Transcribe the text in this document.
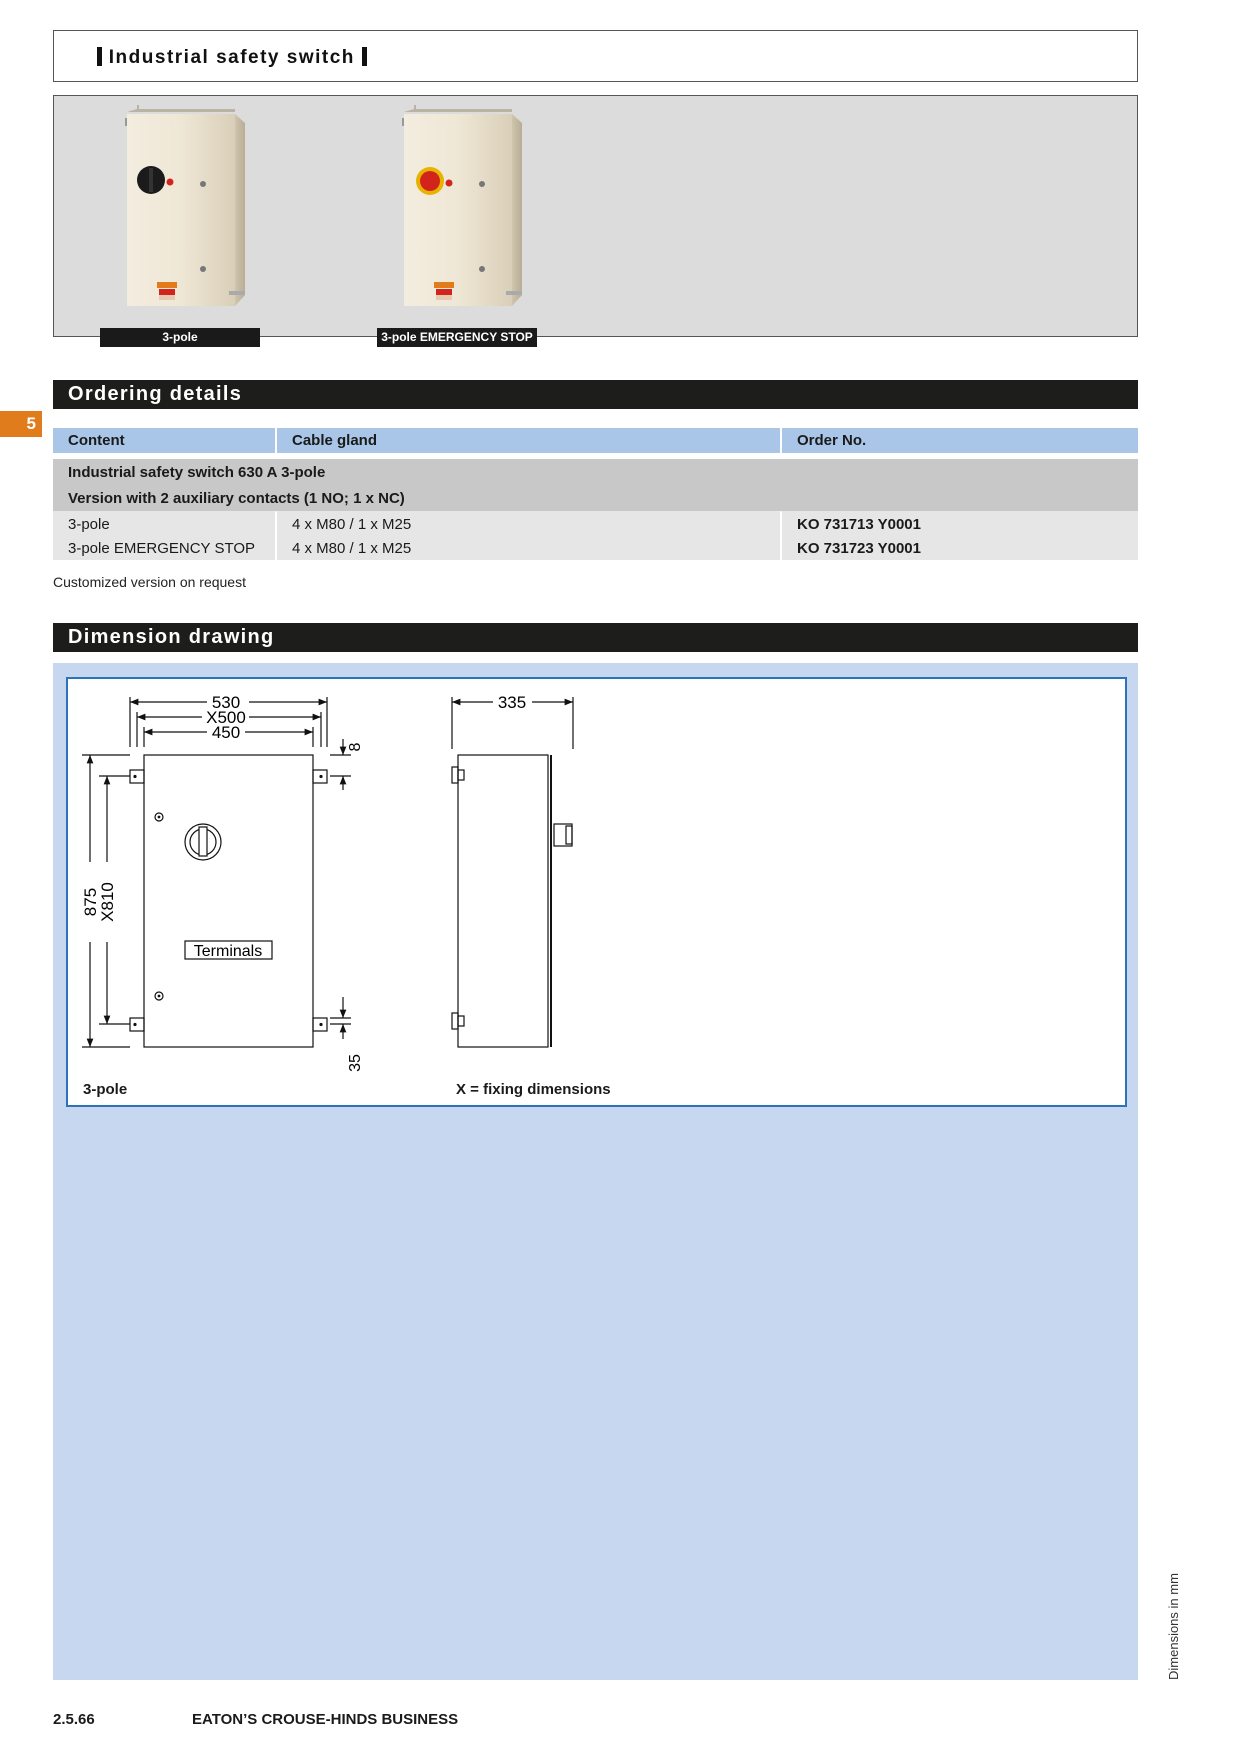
Industrial safety switch
3-pole	3-pole EMERGENCY STOP
Ordering details
5
Content	Cable gland	Order No.
Industrial safety switch 630 A 3-pole		
Version with 2 auxiliary contacts (1 NO; 1 x NC)		
3-pole	4 x M80 / 1 x M25	KO 731713 Y0001
3-pole EMERGENCY STOP	4 x M80 / 1 x M25	KO 731723 Y0001
Customized version on request
Dimension drawing
530
X500
450
335
Terminals
875
X810
8
35
3-pole	X = fixing dimensions
Dimensions in mm
2.5.66	EATON’S CROUSE-HINDS BUSINESS
